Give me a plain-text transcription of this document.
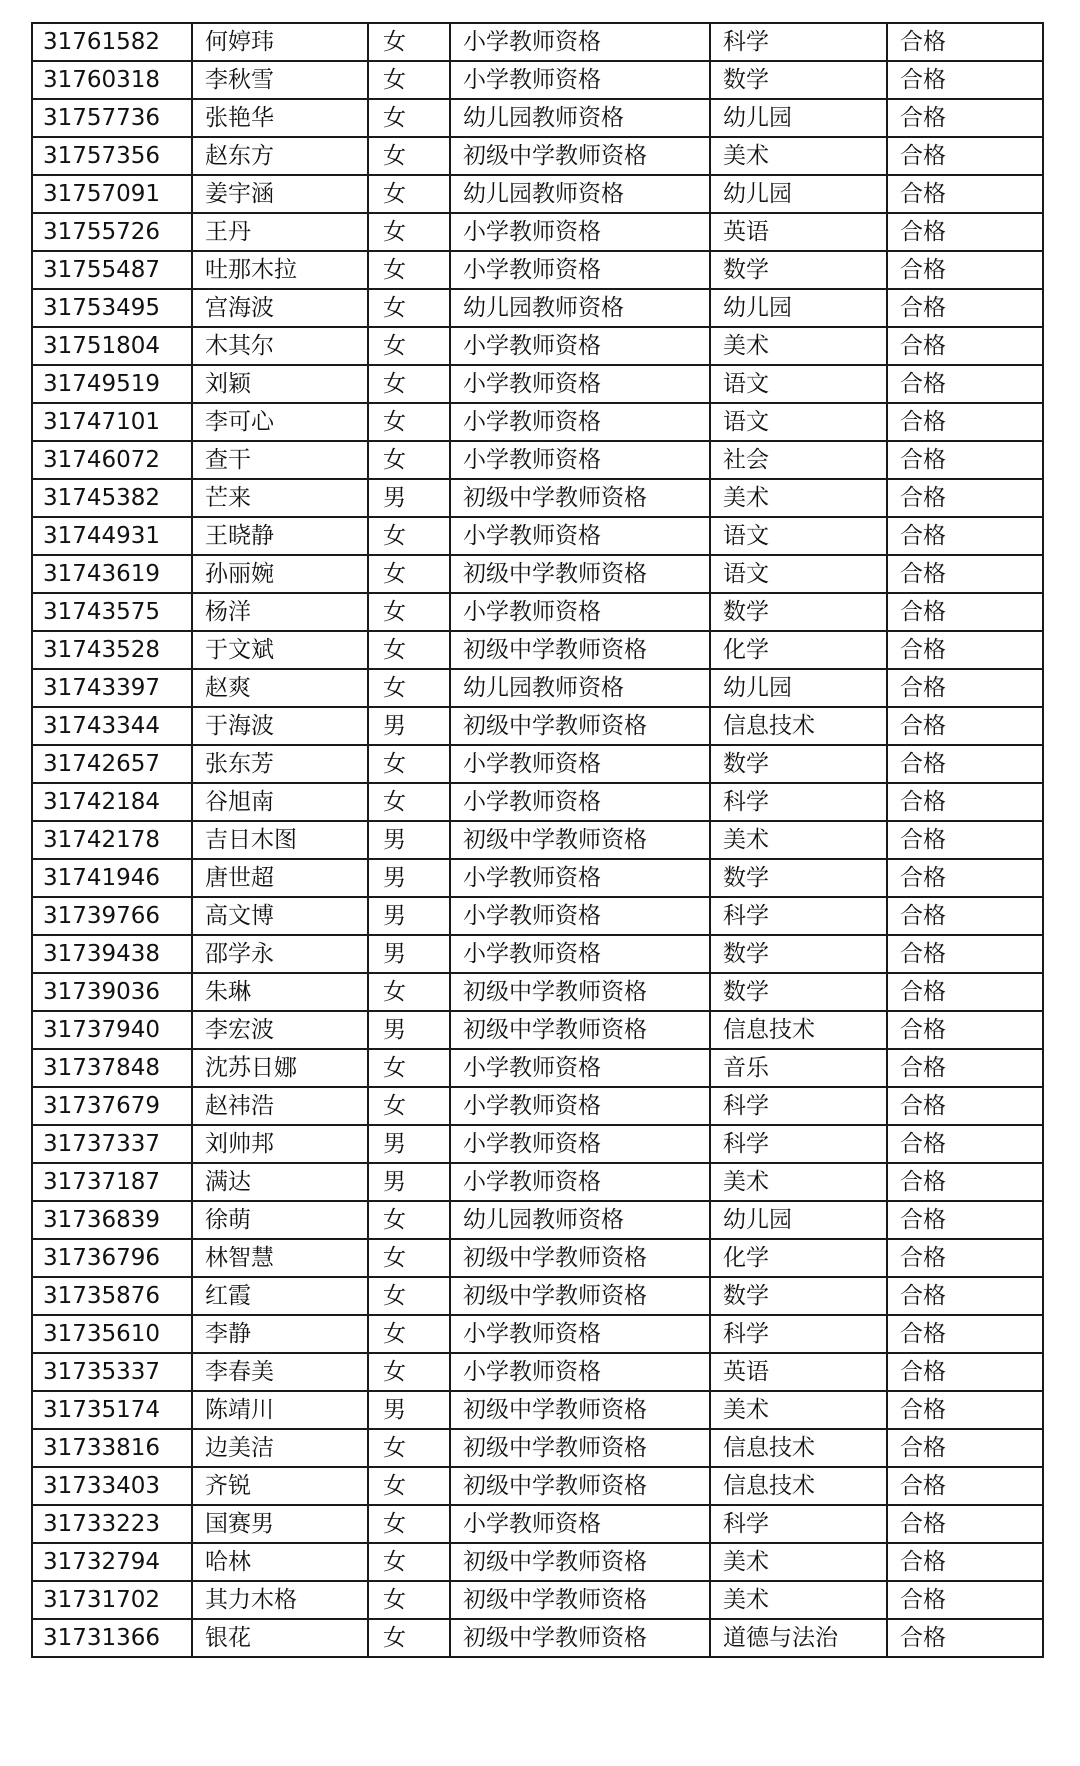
31761582	何婷玮	女	小学教师资格	科学	合格
31760318	李秋雪	女	小学教师资格	数学	合格
31757736	张艳华	女	幼儿园教师资格	幼儿园	合格
31757356	赵东方	女	初级中学教师资格	美术	合格
31757091	姜宇涵	女	幼儿园教师资格	幼儿园	合格
31755726	王丹	女	小学教师资格	英语	合格
31755487	吐那木拉	女	小学教师资格	数学	合格
31753495	宫海波	女	幼儿园教师资格	幼儿园	合格
31751804	木其尔	女	小学教师资格	美术	合格
31749519	刘颖	女	小学教师资格	语文	合格
31747101	李可心	女	小学教师资格	语文	合格
31746072	查干	女	小学教师资格	社会	合格
31745382	芒来	男	初级中学教师资格	美术	合格
31744931	王晓静	女	小学教师资格	语文	合格
31743619	孙丽婉	女	初级中学教师资格	语文	合格
31743575	杨洋	女	小学教师资格	数学	合格
31743528	于文斌	女	初级中学教师资格	化学	合格
31743397	赵爽	女	幼儿园教师资格	幼儿园	合格
31743344	于海波	男	初级中学教师资格	信息技术	合格
31742657	张东芳	女	小学教师资格	数学	合格
31742184	谷旭南	女	小学教师资格	科学	合格
31742178	吉日木图	男	初级中学教师资格	美术	合格
31741946	唐世超	男	小学教师资格	数学	合格
31739766	高文博	男	小学教师资格	科学	合格
31739438	邵学永	男	小学教师资格	数学	合格
31739036	朱琳	女	初级中学教师资格	数学	合格
31737940	李宏波	男	初级中学教师资格	信息技术	合格
31737848	沈苏日娜	女	小学教师资格	音乐	合格
31737679	赵祎浩	女	小学教师资格	科学	合格
31737337	刘帅邦	男	小学教师资格	科学	合格
31737187	满达	男	小学教师资格	美术	合格
31736839	徐萌	女	幼儿园教师资格	幼儿园	合格
31736796	林智慧	女	初级中学教师资格	化学	合格
31735876	红霞	女	初级中学教师资格	数学	合格
31735610	李静	女	小学教师资格	科学	合格
31735337	李春美	女	小学教师资格	英语	合格
31735174	陈靖川	男	初级中学教师资格	美术	合格
31733816	边美洁	女	初级中学教师资格	信息技术	合格
31733403	齐锐	女	初级中学教师资格	信息技术	合格
31733223	国赛男	女	小学教师资格	科学	合格
31732794	哈林	女	初级中学教师资格	美术	合格
31731702	其力木格	女	初级中学教师资格	美术	合格
31731366	银花	女	初级中学教师资格	道德与法治	合格
